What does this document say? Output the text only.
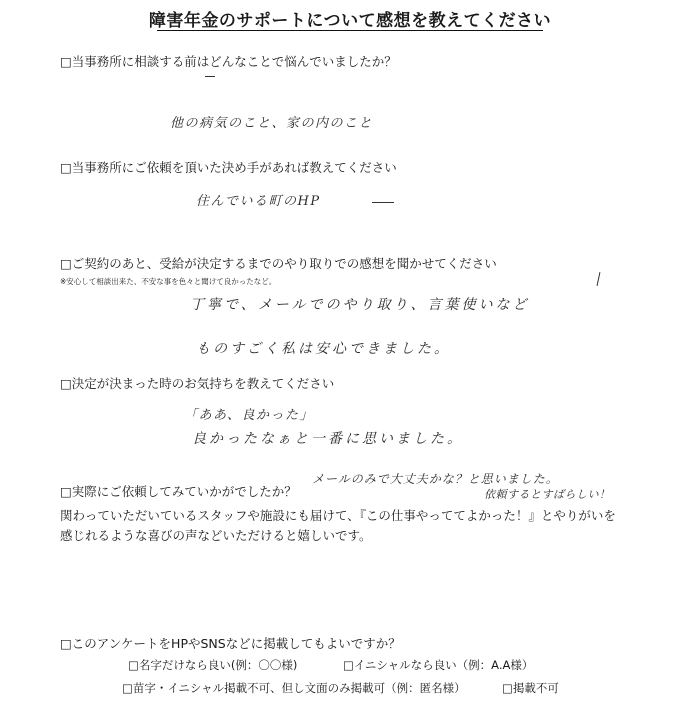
障害年金のサポートについて感想を教えてください
□当事務所に相談する前はどんなことで悩んでいましたか？
他の病気のこと、家の内のこと
□当事務所にご依頼を頂いた決め手があれば教えてください
住んでいる町のHP
□ご契約のあと、受給が決定するまでのやり取りでの感想を聞かせてください
※安心して相談出来た、不安な事を色々と聞けて良かったなど。
丁寧で、メールでのやり取り、言葉使いなど
ものすごく私は安心できました。
□決定が決まった時のお気持ちを教えてください
「ああ、良かった」
良かったなぁと一番に思いました。
□実際にご依頼してみていかがでしたか？
メールのみで大丈夫かな？と思いました。
依頼するとすばらしい！
関わっていただいているスタッフや施設にも届けて、『この仕事やっててよかった！』とやりがいを
感じれるような喜びの声などいただけると嬉しいです。
□このアンケートをHPやSNSなどに掲載してもよいですか？
□名字だけなら良い(例：〇〇様)	□イニシャルなら良い（例：A.A様）
□苗字・イニシャル掲載不可、但し文面のみ掲載可（例：匿名様）	□掲載不可
